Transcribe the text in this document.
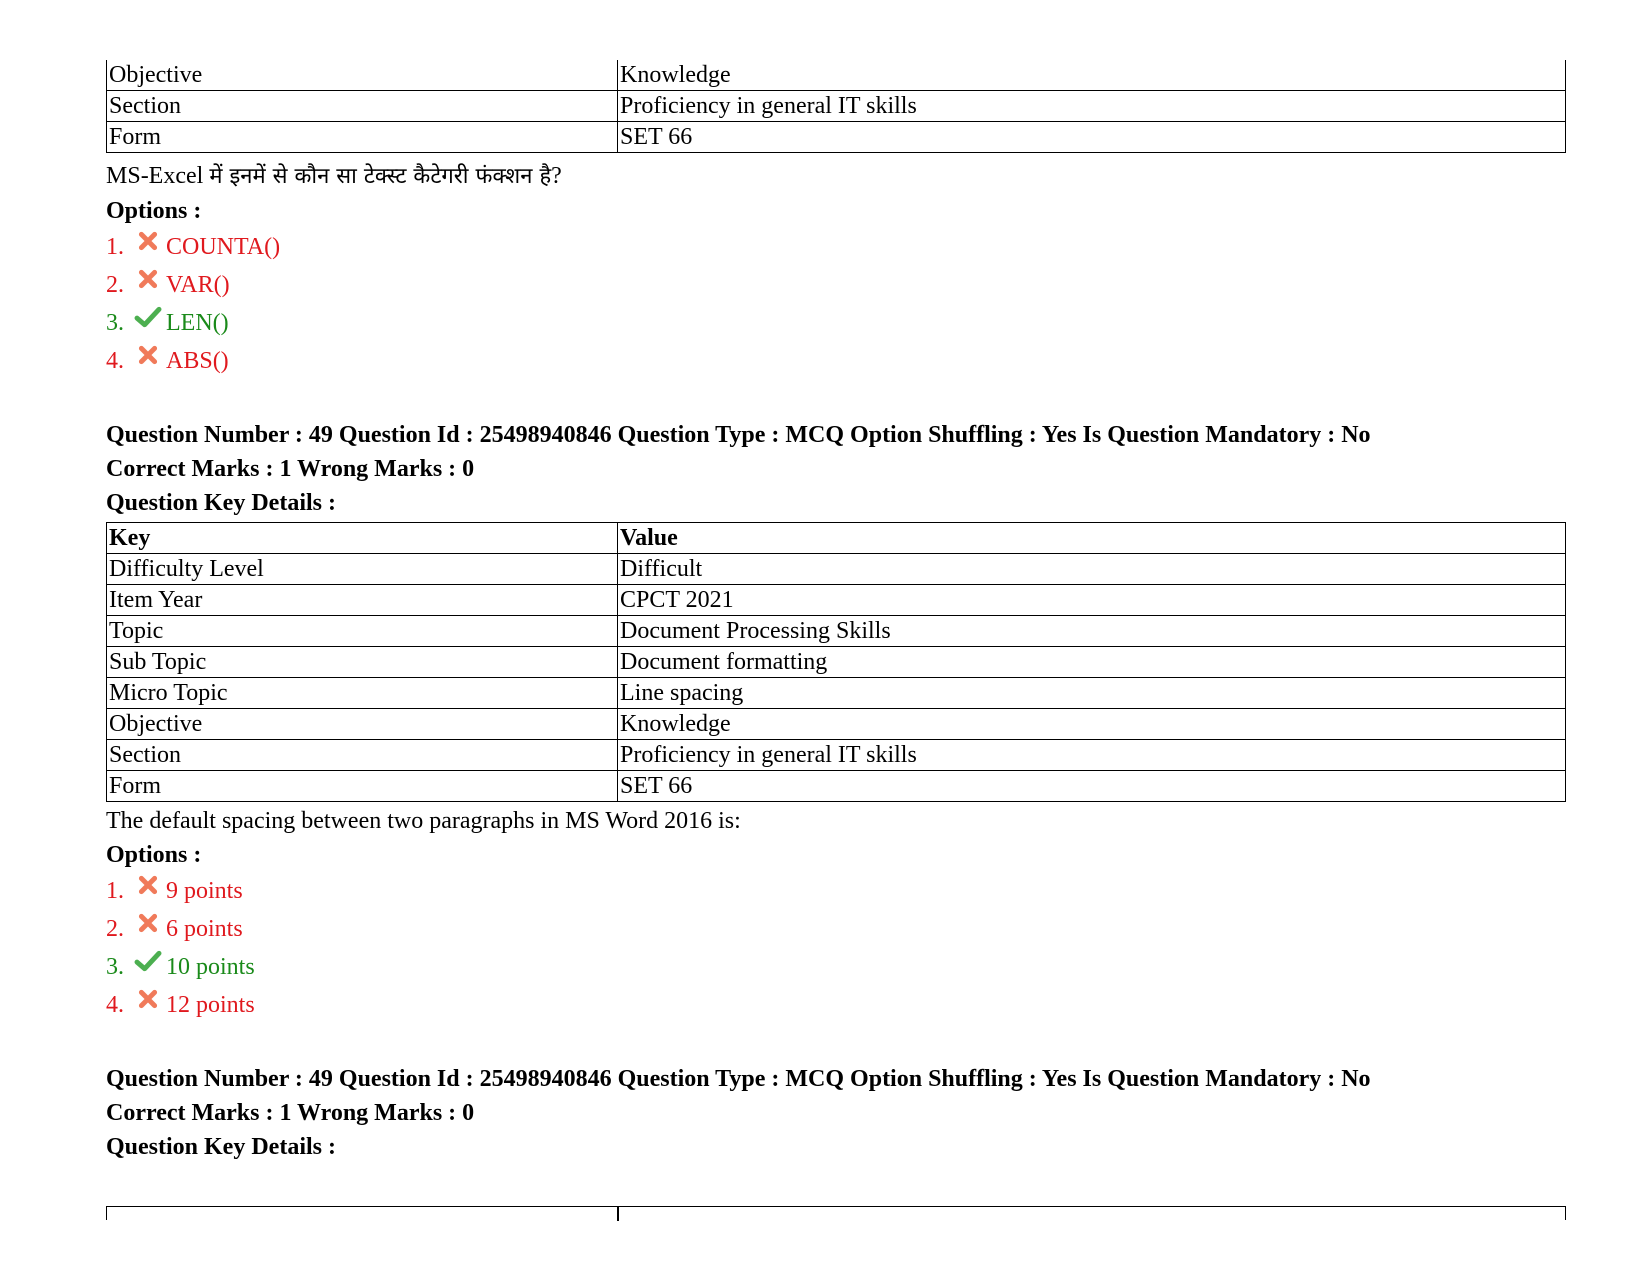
Objective	Knowledge
Section	Proficiency in general IT skills
Form	SET 66
MS-Excel में इनमें से कौन सा टेक्स्ट कैटेगरी फंक्शन है?
Options :
1.	COUNTA()
2.	VAR()
3.	LEN()
4.	ABS()
Question Number : 49 Question Id : 25498940846 Question Type : MCQ Option Shuffling : Yes Is Question Mandatory : No
Correct Marks : 1 Wrong Marks : 0
Question Key Details :
Key	Value
Difficulty Level	Difficult
Item Year	CPCT 2021
Topic	Document Processing Skills
Sub Topic	Document formatting
Micro Topic	Line spacing
Objective	Knowledge
Section	Proficiency in general IT skills
Form	SET 66
The default spacing between two paragraphs in MS Word 2016 is:
Options :
1.	9 points
2.	6 points
3.	10 points
4.	12 points
Question Number : 49 Question Id : 25498940846 Question Type : MCQ Option Shuffling : Yes Is Question Mandatory : No
Correct Marks : 1 Wrong Marks : 0
Question Key Details :
